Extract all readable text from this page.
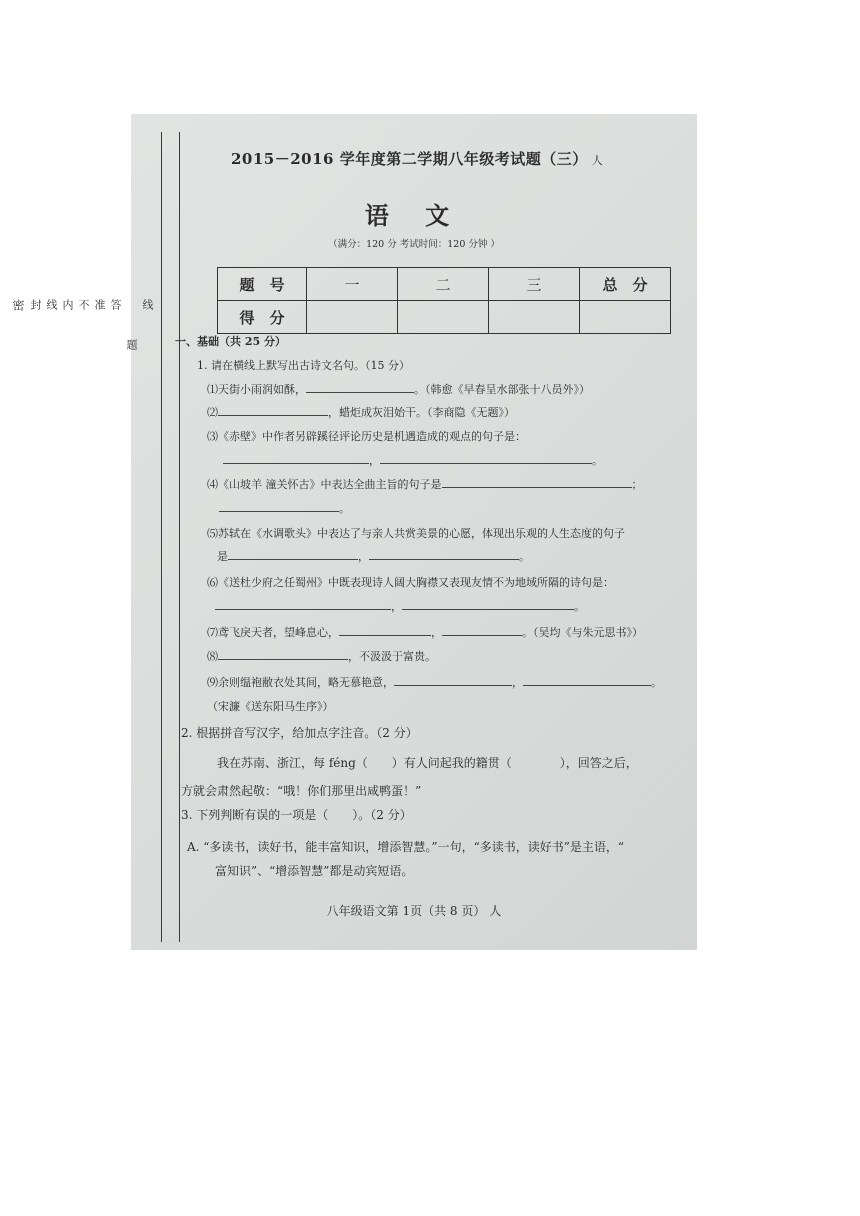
线
题
答
准
不
内
线
封
密
2015－2016 学年度第二学期八年级考试题（三） 人
语 文
（满分：120 分 考试时间：120 分钟 ）
题　号	一	二	三	总　分
得　分				
一、基础（共 25 分）
1. 请在横线上默写出古诗文名句。（15 分）
⑴天街小雨润如酥，	。（韩愈《早春呈水部张十八员外》）
⑵	，蜡炬成灰泪始干。（李商隐《无题》）
⑶《赤壁》中作者另辟蹊径评论历史是机遇造成的观点的句子是：
，	。
⑷《山坡羊 潼关怀古》中表达全曲主旨的句子是	；
。
⑸苏轼在《水调歌头》中表达了与亲人共赏美景的心愿，体现出乐观的人生态度的句子
是	，	。
⑹《送杜少府之任蜀州》中既表现诗人阔大胸襟又表现友情不为地域所隔的诗句是：
，	。
⑺鸢飞戾天者，望峰息心，	，	。（吴均《与朱元思书》）
⑻	，不汲汲于富贵。
⑼余则缊袍敝衣处其间，略无慕艳意，	，	。
（宋濂《送东阳马生序》）
2. 根据拼音写汉字，给加点字注音。（2 分）
我在苏南、浙江，每 féng（　　）有人问起我的籍贯（　　　　），回答之后，
方就会肃然起敬：“哦！你们那里出咸鸭蛋！”
3. 下列判断有误的一项是（　　）。（2 分）
A. “多读书，读好书，能丰富知识，增添智慧。”一句，“多读书，读好书”是主语，“
富知识”、“增添智慧”都是动宾短语。
八年级语文第 1页（共 8 页） 人
